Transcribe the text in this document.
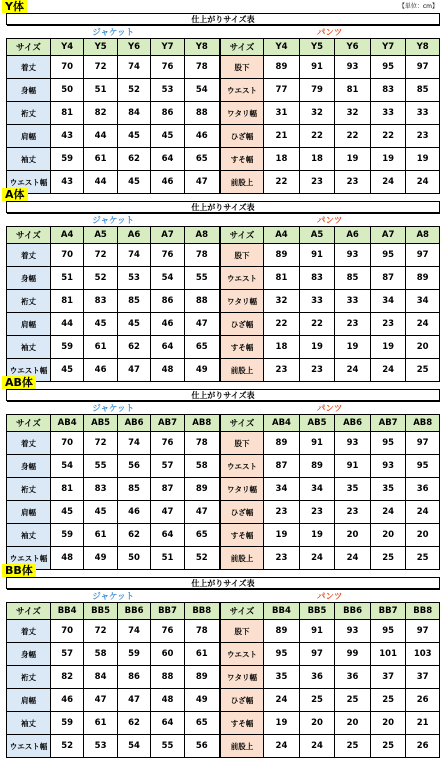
Y体	【単位：cm】
仕上がりサイズ表
ジャケット						パンツ					
サイズ	Y4	Y5	Y6	Y7	Y8	サイズ	Y4	Y5	Y6	Y7	Y8
着丈	70	72	74	76	78	股下	89	91	93	95	97
身幅	50	51	52	53	54	ウエスト	77	79	81	83	85
裄丈	81	82	84	86	88	ワタリ幅	31	32	32	33	33
肩幅	43	44	45	45	46	ひざ幅	21	22	22	22	23
袖丈	59	61	62	64	65	すそ幅	18	18	19	19	19
ウエスト幅	43	44	45	46	47	前股上	22	23	23	24	24
A体
仕上がりサイズ表
ジャケット						パンツ					
サイズ	A4	A5	A6	A7	A8	サイズ	A4	A5	A6	A7	A8
着丈	70	72	74	76	78	股下	89	91	93	95	97
身幅	51	52	53	54	55	ウエスト	81	83	85	87	89
裄丈	81	83	85	86	88	ワタリ幅	32	33	33	34	34
肩幅	44	45	45	46	47	ひざ幅	22	22	23	23	24
袖丈	59	61	62	64	65	すそ幅	18	19	19	19	20
ウエスト幅	45	46	47	48	49	前股上	23	23	24	24	25
AB体
仕上がりサイズ表
ジャケット						パンツ					
サイズ	AB4	AB5	AB6	AB7	AB8	サイズ	AB4	AB5	AB6	AB7	AB8
着丈	70	72	74	76	78	股下	89	91	93	95	97
身幅	54	55	56	57	58	ウエスト	87	89	91	93	95
裄丈	81	83	85	87	89	ワタリ幅	34	34	35	35	36
肩幅	45	45	46	47	47	ひざ幅	23	23	23	24	24
袖丈	59	61	62	64	65	すそ幅	19	19	20	20	20
ウエスト幅	48	49	50	51	52	前股上	23	24	24	25	25
BB体
仕上がりサイズ表
ジャケット						パンツ					
サイズ	BB4	BB5	BB6	BB7	BB8	サイズ	BB4	BB5	BB6	BB7	BB8
着丈	70	72	74	76	78	股下	89	91	93	95	97
身幅	57	58	59	60	61	ウエスト	95	97	99	101	103
裄丈	82	84	86	88	89	ワタリ幅	35	36	36	37	37
肩幅	46	47	47	48	49	ひざ幅	24	25	25	25	26
袖丈	59	61	62	64	65	すそ幅	19	20	20	20	21
ウエスト幅	52	53	54	55	56	前股上	24	24	25	25	26
